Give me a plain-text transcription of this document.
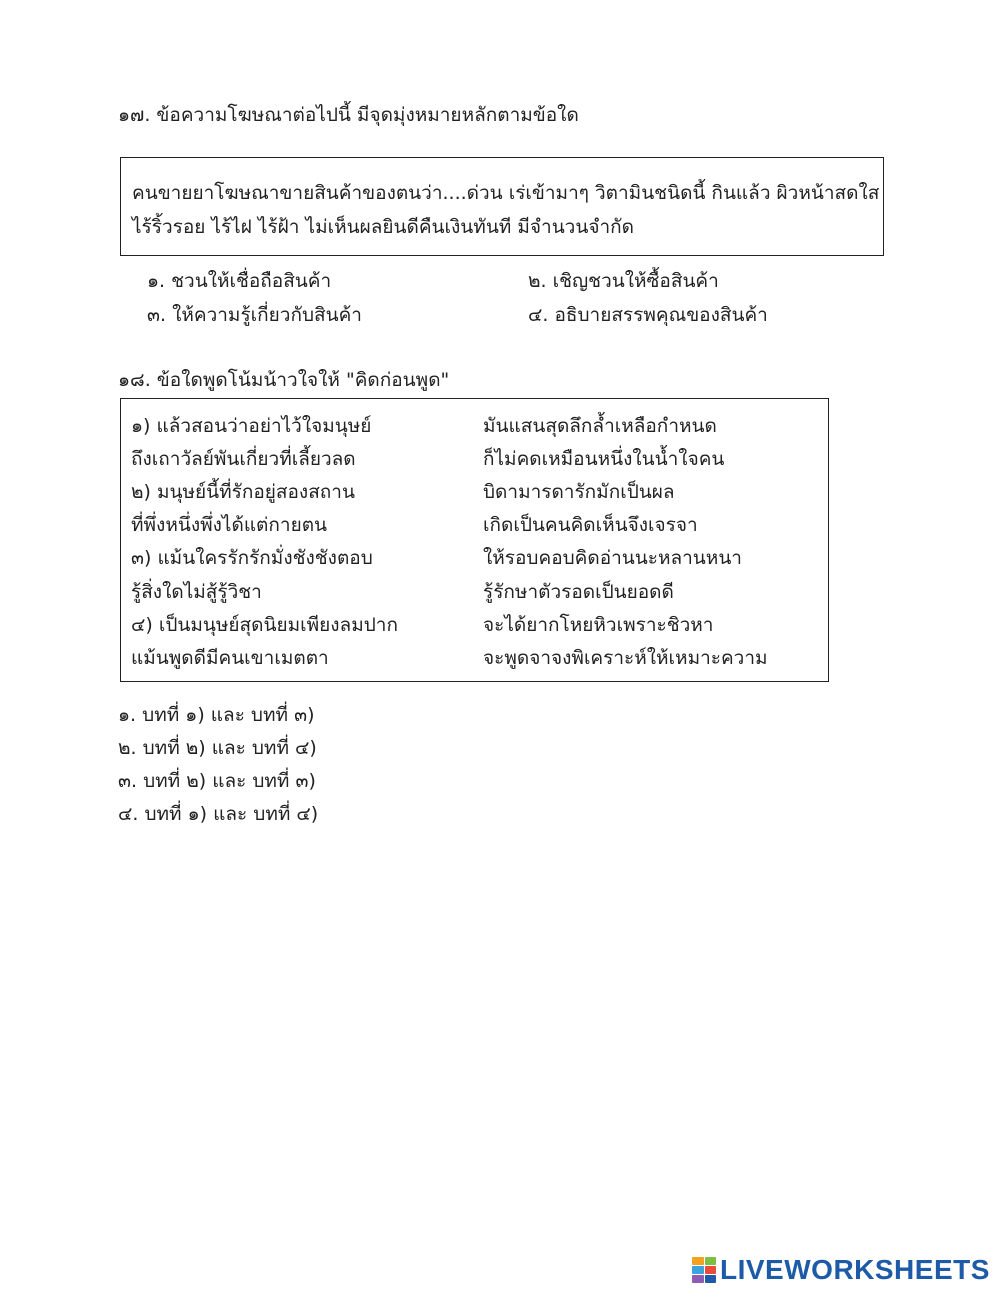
๑๗. ข้อความโฆษณาต่อไปนี้ มีจุดมุ่งหมายหลักตามข้อใด
คนขายยาโฆษณาขายสินค้าของตนว่า....ด่วน เร่เข้ามาๆ วิตามินชนิดนี้ กินแล้ว ผิวหน้าสดใส
ไร้ริ้วรอย ไร้ไฝ ไร้ฝ้า ไม่เห็นผลยินดีคืนเงินทันที มีจำนวนจำกัด
๑. ชวนให้เชื่อถือสินค้า	๒. เชิญชวนให้ซื้อสินค้า
๓. ให้ความรู้เกี่ยวกับสินค้า	๔. อธิบายสรรพคุณของสินค้า
๑๘. ข้อใดพูดโน้มน้าวใจให้ "คิดก่อนพูด"
๑) แล้วสอนว่าอย่าไว้ใจมนุษย์	มันแสนสุดลึกล้ำเหลือกำหนด
ถึงเถาวัลย์พันเกี่ยวที่เลี้ยวลด	ก็ไม่คดเหมือนหนึ่งในน้ำใจคน
๒) มนุษย์นี้ที่รักอยู่สองสถาน	บิดามารดารักมักเป็นผล
ที่พึ่งหนึ่งพึ่งได้แต่กายตน	เกิดเป็นคนคิดเห็นจึงเจรจา
๓) แม้นใครรักรักมั่งชังชังตอบ	ให้รอบคอบคิดอ่านนะหลานหนา
รู้สิ่งใดไม่สู้รู้วิชา	รู้รักษาตัวรอดเป็นยอดดี
๔) เป็นมนุษย์สุดนิยมเพียงลมปาก	จะได้ยากโหยหิวเพราะชิวหา
แม้นพูดดีมีคนเขาเมตตา	จะพูดจาจงพิเคราะห์ให้เหมาะความ
๑. บทที่ ๑) และ บทที่ ๓)
๒. บทที่ ๒) และ บทที่ ๔)
๓. บทที่ ๒) และ บทที่ ๓)
๔. บทที่ ๑) และ บทที่ ๔)
LIVEWORKSHEETS
